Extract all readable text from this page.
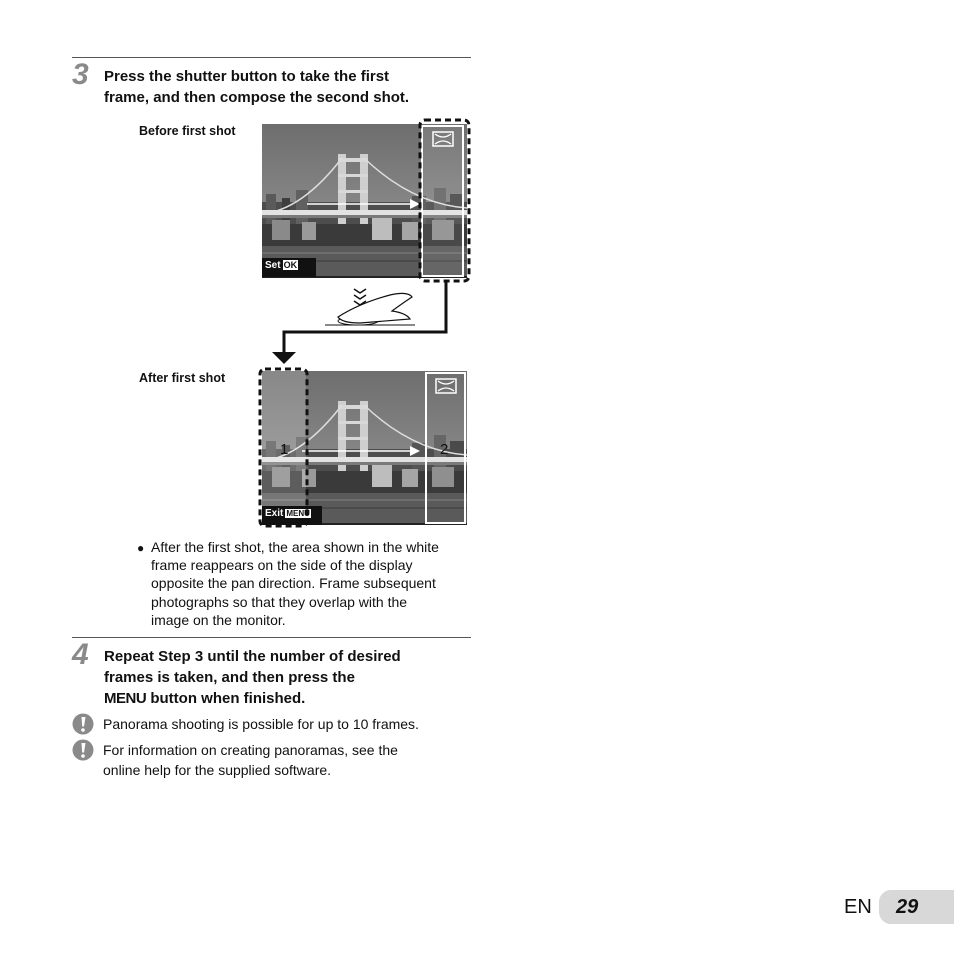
3 Press the shutter button to take the first
frame, and then compose the second shot.
Before first shot
Set OK
After first shot
1	2
Exit MENU
● After the first shot, the area shown in the white
frame reappears on the side of the display
opposite the pan direction. Frame subsequent
photographs so that they overlap with the
image on the monitor.
4 Repeat Step 3 until the number of desired
frames is taken, and then press the
MENU button when finished.
Panorama shooting is possible for up to 10 frames.
For information on creating panoramas, see the
online help for the supplied software.
EN 29
